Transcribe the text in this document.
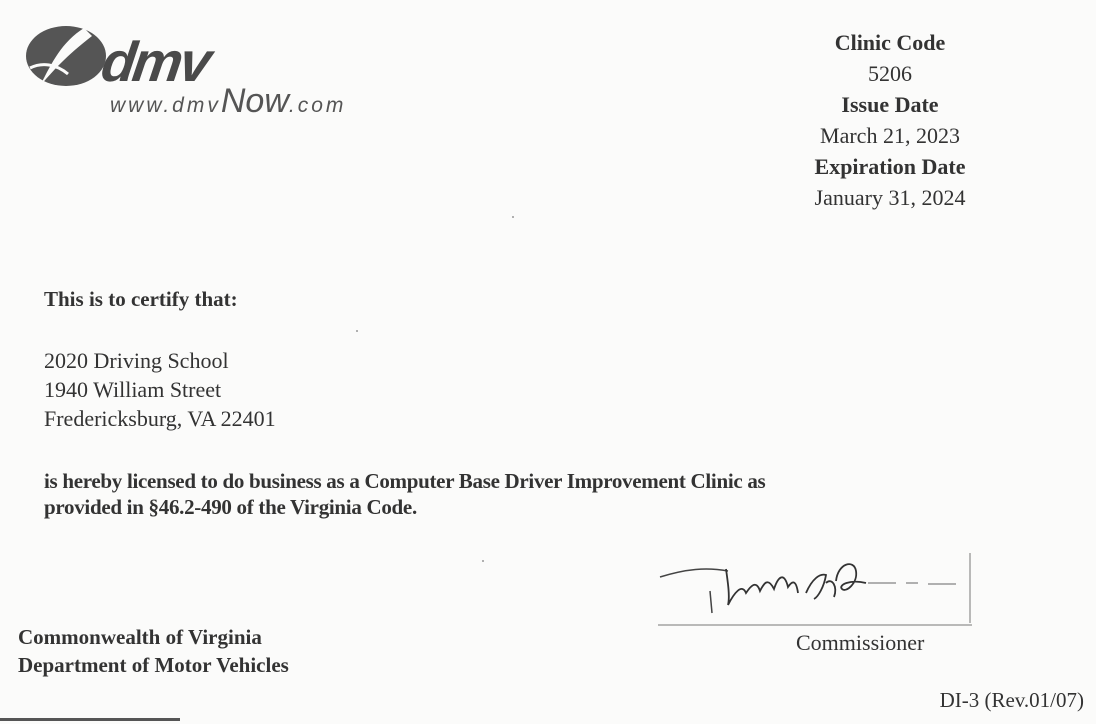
dmv
www.dmvNow.com
Clinic Code
5206
Issue Date
March 21, 2023
Expiration Date
January 31, 2024
This is to certify that:
2020 Driving School
1940 William Street
Fredericksburg, VA 22401
is hereby licensed to do business as a Computer Base Driver Improvement Clinic as
provided in §46.2-490 of the Virginia Code.
Commissioner
Commonwealth of Virginia
Department of Motor Vehicles
DI-3 (Rev.01/07)
